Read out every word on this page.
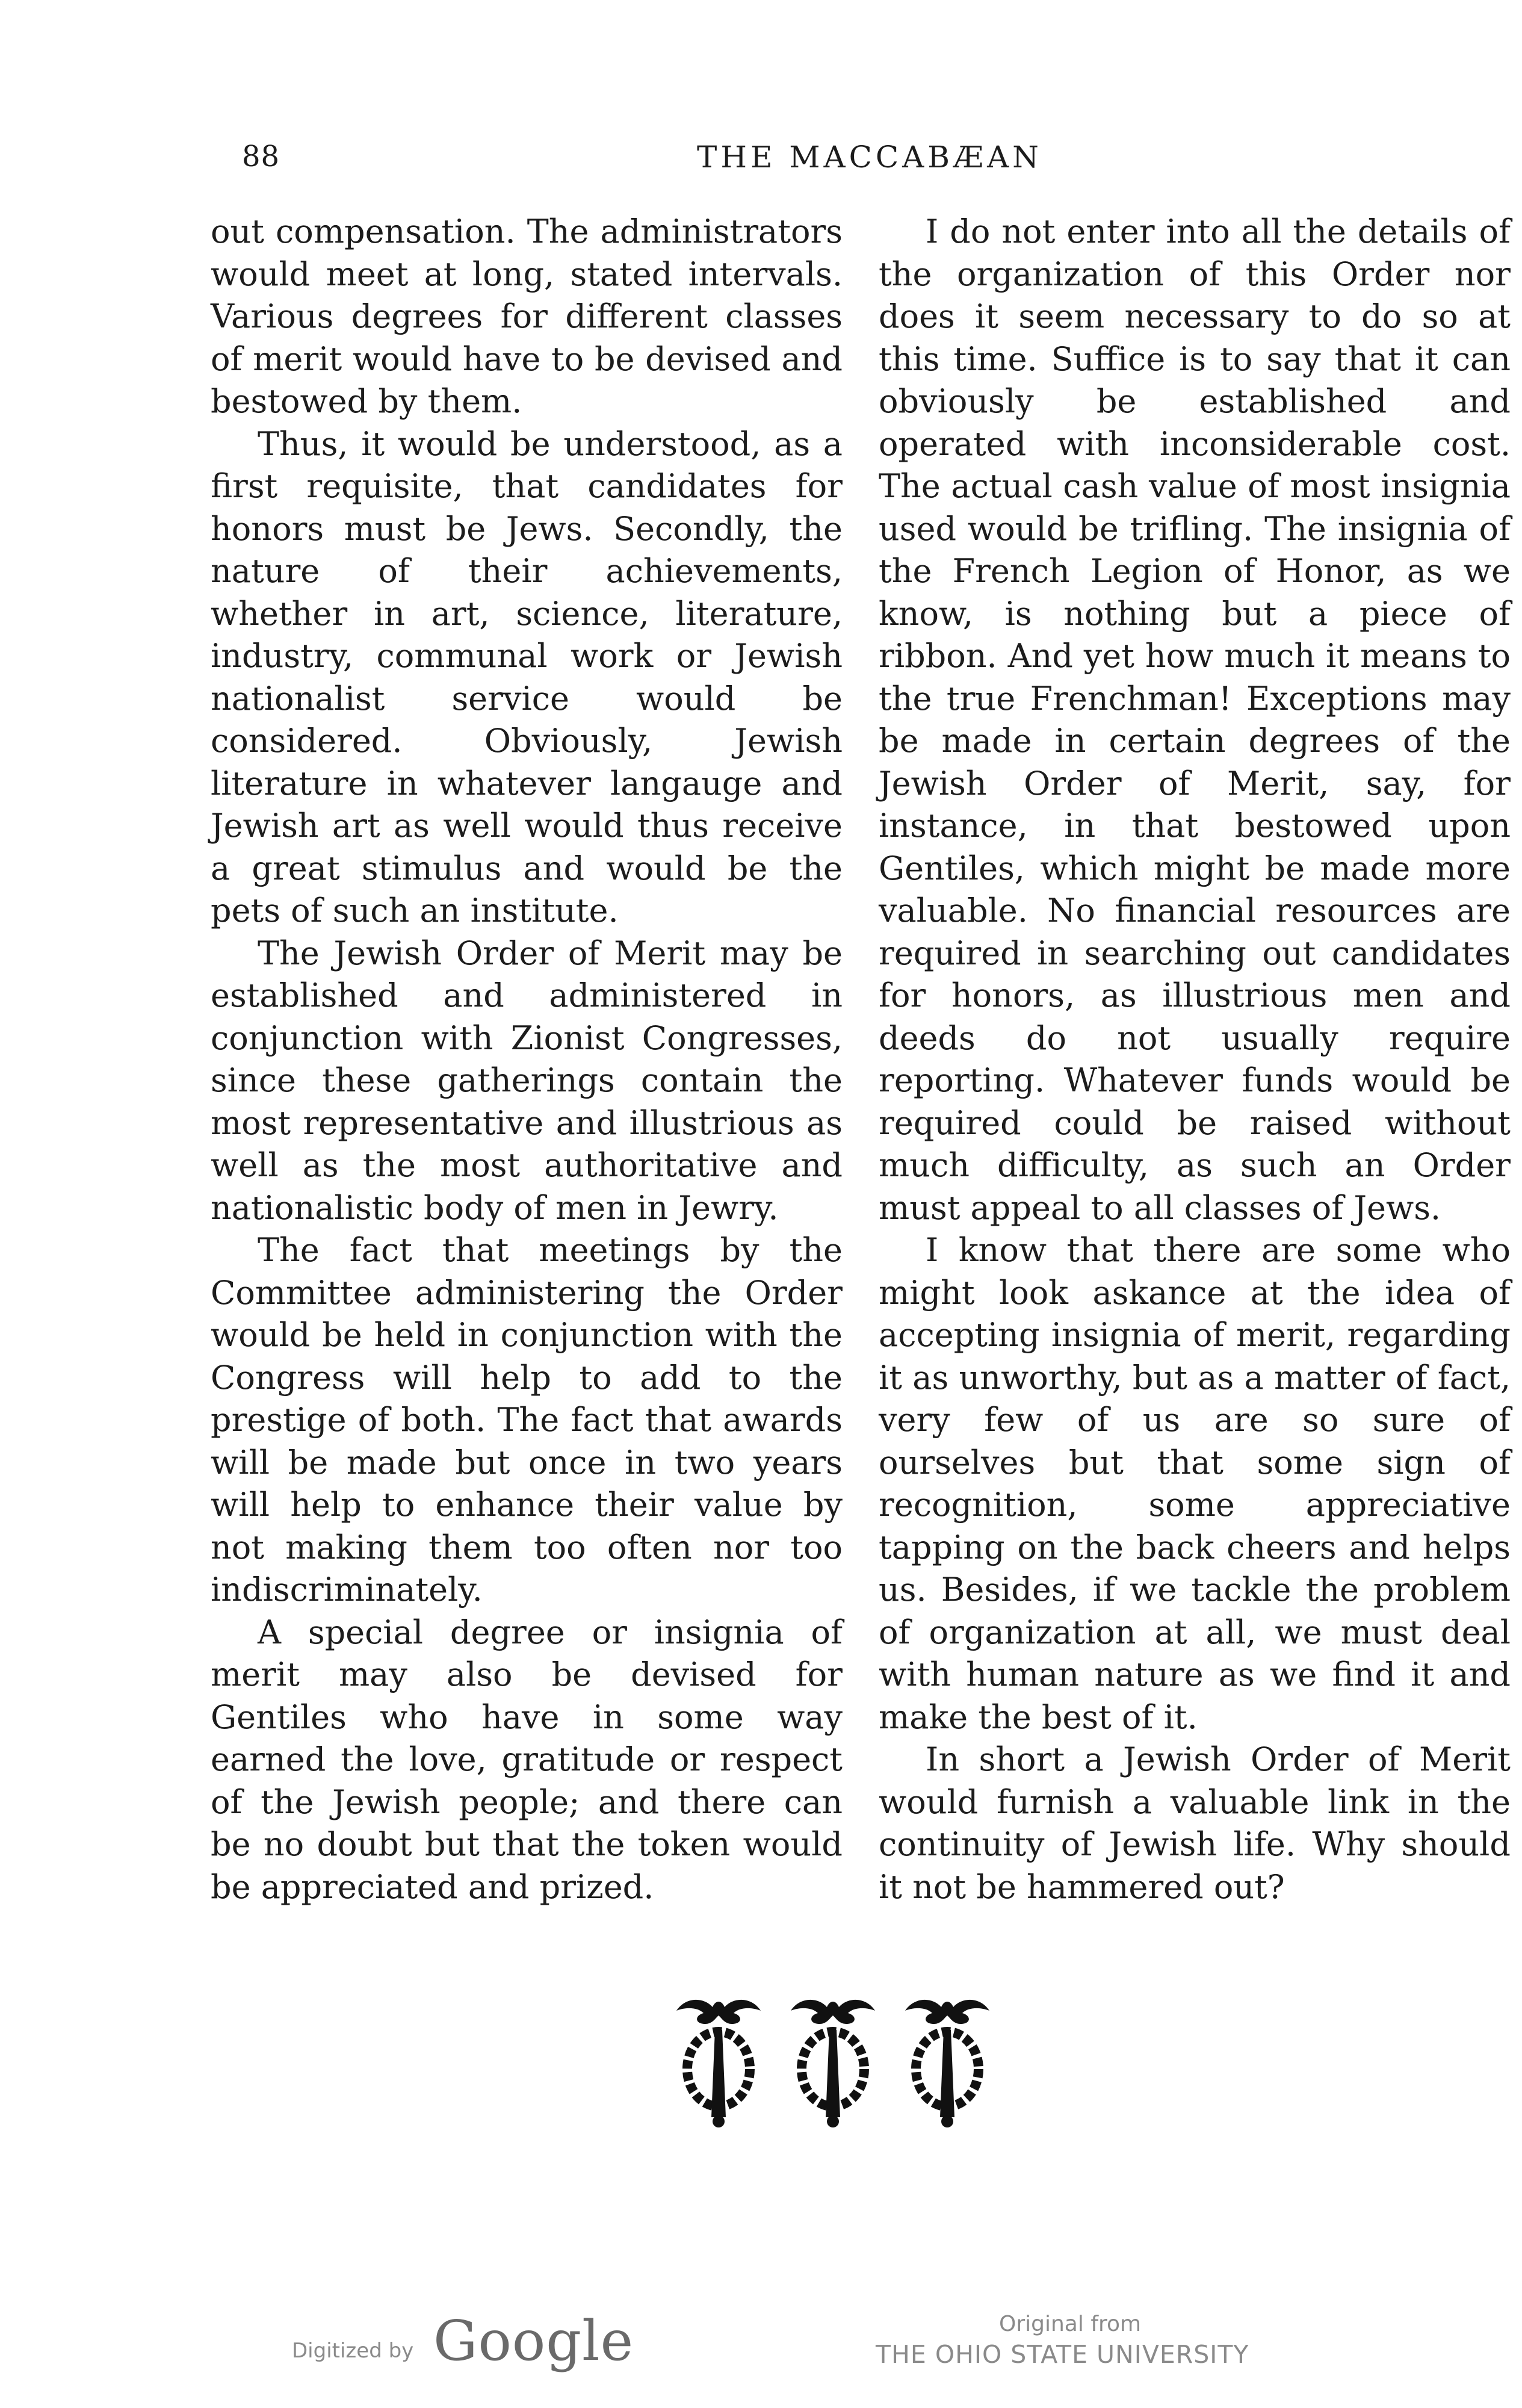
88	THE MACCABÆAN

out compensation. The administrators would meet at long, stated intervals. Various degrees for different classes of merit would have to be devised and bestowed by them.

Thus, it would be understood, as a first requisite, that candidates for honors must be Jews. Secondly, the nature of their achievements, whether in art, science, literature, industry, communal work or Jewish nationalist service would be considered. Obviously, Jewish literature in whatever langauge and Jewish art as well would thus receive a great stimulus and would be the pets of such an institute.

The Jewish Order of Merit may be established and administered in conjunction with Zionist Congresses, since these gatherings contain the most representative and illustrious as well as the most authoritative and nationalistic body of men in Jewry.

The fact that meetings by the Committee administering the Order would be held in conjunction with the Congress will help to add to the prestige of both. The fact that awards will be made but once in two years will help to enhance their value by not making them too often nor too indiscriminately.

A special degree or insignia of merit may also be devised for Gentiles who have in some way earned the love, gratitude or respect of the Jewish people; and there can be no doubt but that the token would be appreciated and prized.

I do not enter into all the details of the organization of this Order nor does it seem necessary to do so at this time. Suffice is to say that it can obviously be established and operated with inconsiderable cost. The actual cash value of most insignia used would be trifling. The insignia of the French Legion of Honor, as we know, is nothing but a piece of ribbon. And yet how much it means to the true Frenchman! Exceptions may be made in certain degrees of the Jewish Order of Merit, say, for instance, in that bestowed upon Gentiles, which might be made more valuable. No financial resources are required in searching out candidates for honors, as illustrious men and deeds do not usually require reporting. Whatever funds would be required could be raised without much difficulty, as such an Order must appeal to all classes of Jews.

I know that there are some who might look askance at the idea of accepting insignia of merit, regarding it as unworthy, but as a matter of fact, very few of us are so sure of ourselves but that some sign of recognition, some appreciative tapping on the back cheers and helps us. Besides, if we tackle the problem of organization at all, we must deal with human nature as we find it and make the best of it.

In short a Jewish Order of Merit would furnish a valuable link in the continuity of Jewish life. Why should it not be hammered out?

Digitized by Google	Original from
THE OHIO STATE UNIVERSITY
